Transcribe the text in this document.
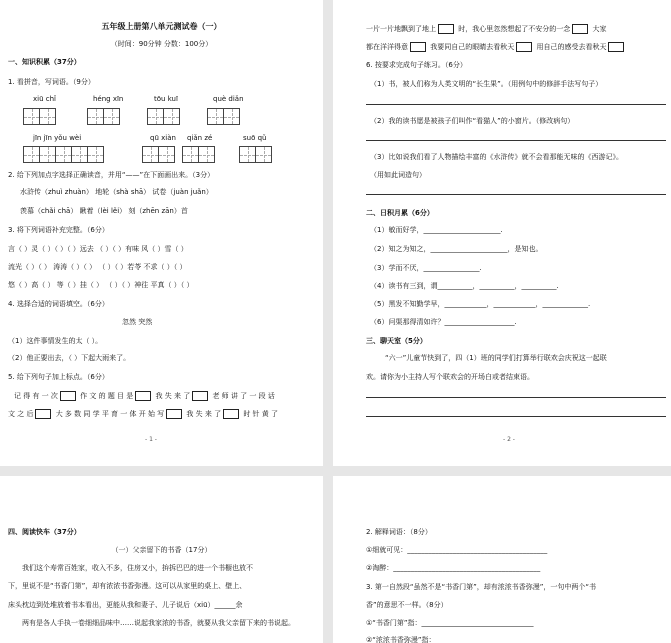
五年级上册第八单元测试卷（一）
（时间：90分钟 分数：100分）
一、知识积累（37分）
1. 看拼音，写词语。（9分）
xiū chǐ	héng xīn	tōu kuī	què diǎn
jīn jīn yǒu wèi	qū xiàn qiǎn zé	suō qǔ
2. 给下列加点字选择正确读音，并用“——”在下面画出来。（3分）
水浒传（zhuì zhuàn） 地轮（shà shā） 试卷（juàn juǎn）
羡慕（chǎi chā） 瞅着（lèi lěi） 刻（zhēn zān）首
3. 将下列词语补充完整。（6分）
言（ ）灵（ ）（ ）（ ）远去 （ ）（ ）有味 风（ ）雪（ ）
流光（ ）（ ） 涛涛（ ）（ ） （ ）（ ）若苓 不求（ ）（ ）
悠（ ）高（ ） 等（ ）挂（ ） （ ）（ ）神往 平真（ ）（ ）
4. 选择合适的词语填空。（6分）
忽然 突然
（1）这件事情发生的太（ ）。
（2）他正要出去，（ ）下起大雨来了。
5. 给下列句子加上标点。（6分）
记 得 有 一 次	作 文 的 题 目 是	我 失 来 了	老 师 讲 了 一 段 话
文 之 后	大 多 数 同 学 平 育 一 体 开 始 写	我 失 来 了	时 针 黄 了
- 1 -
一片一片地飘到了地上	时，我心里忽然想起了不安分的一念	大家
都在洋洋得意	我要同自己的眼睛去看秋天	用自己的感受去看秋天
6. 按要求完成句子练习。（6分）
（1）书，被人们称为人类文明的“长生果”。（用例句中的修辞手法写句子）
（2）我的读书愿是被孩子们叫作“看猫人”的小窗片。（修改病句）
（3）比如说我们看了人物描绘丰富的《水浒传》就不会看那能无味的《西游记》。
（用如此词造句）
二、日积月累（6分）
（1）敏而好学，______________________.
（2）知之为知之，______________________，是知也。
（3）学而不厌，________________.
（4）读书有三到，谓__________，__________，__________.
（5）黑发不知勤学早，____________，____________，_____________.
（6）问渠那得清如许？____________________.
三、聊天室（5分）
“六一”儿童节快到了，四（1）班的同学们打算举行联欢会庆祝这一起联
欢。请你为小主持人写个联欢会的开场白或者结束语。
- 2 -
四、阅读快车（37分）
（一）父亲留下的书香（17分）
我们这个寿常百姓家，收入不多，住房又小，拚拆巴巴的进一个书橱也放不
下，里说不是“书香门第”，却有浓浓书香弥漫。这可以从家里的桌上、壁上、
床头枕边到处堆放着书本看出，更能从我和妻子、儿子说后（xiū）______余
两有是各人手执一卷细细品味中……说起我家浓的书香，就要从我父亲留下来的书说起。
2. 解释词语：（8分）
①细就可见：________________________________________
②淘醉：__________________________________________
3. 第一自然段“虽然不是“书香门第”，却有浓浓书香弥漫”，一句中两个“书
香”的意思不一样。（8分）
①“书香门第”指：________________________________
②“浓浓书香弥漫”指：____________________________
